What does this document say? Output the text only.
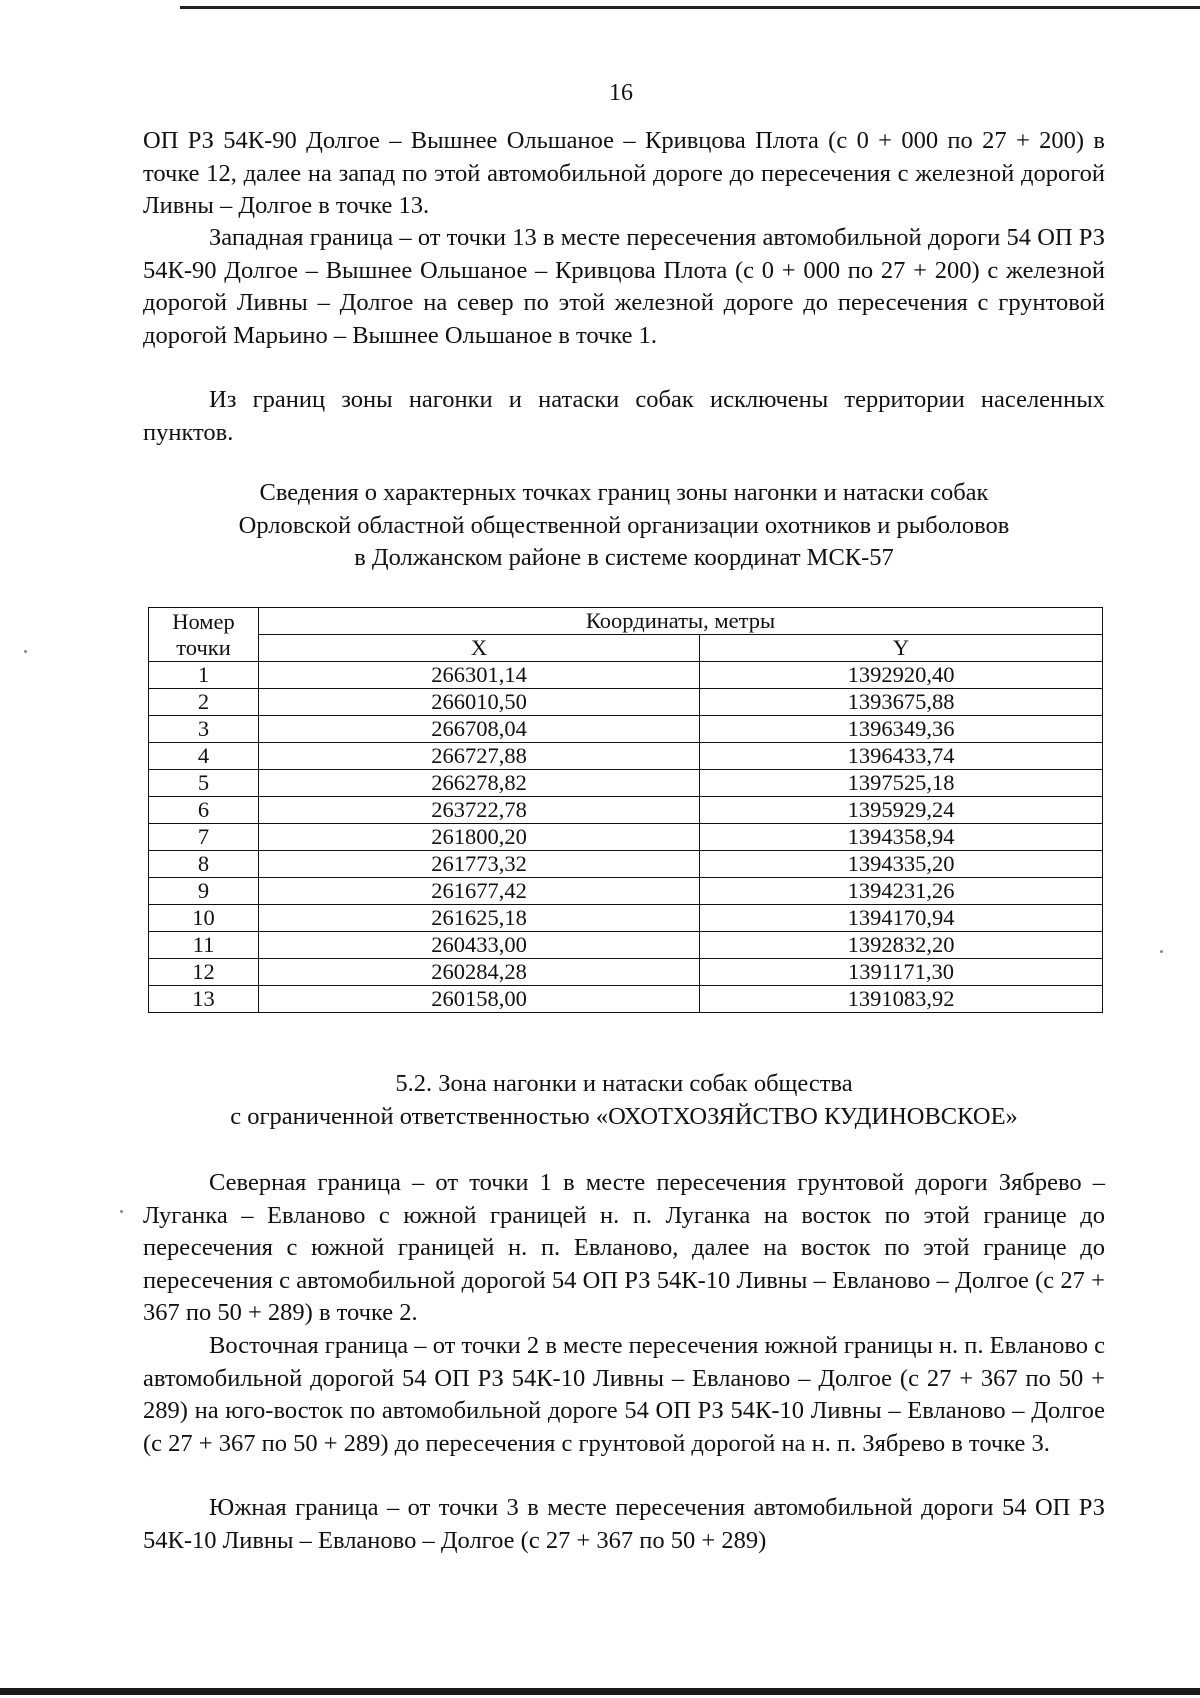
16

ОП РЗ 54К-90 Долгое – Вышнее Ольшаное – Кривцова Плота (с 0 + 000 по 27 + 200) в точке 12, далее на запад по этой автомобильной дороге до пересечения с железной дорогой Ливны – Долгое в точке 13.

Западная граница – от точки 13 в месте пересечения автомобильной дороги 54 ОП РЗ 54К-90 Долгое – Вышнее Ольшаное – Кривцова Плота (с 0 + 000 по 27 + 200) с железной дорогой Ливны – Долгое на север по этой железной дороге до пересечения с грунтовой дорогой Марьино – Вышнее Ольшаное в точке 1.

Из границ зоны нагонки и натаски собак исключены территории населенных пунктов.

Сведения о характерных точках границ зоны нагонки и натаски собак
Орловской областной общественной организации охотников и рыболовов
в Должанском районе в системе координат МСК-57
Номер
точки	Координаты, метры	
	X	Y
1	266301,14	1392920,40
2	266010,50	1393675,88
3	266708,04	1396349,36
4	266727,88	1396433,74
5	266278,82	1397525,18
6	263722,78	1395929,24
7	261800,20	1394358,94
8	261773,32	1394335,20
9	261677,42	1394231,26
10	261625,18	1394170,94
11	260433,00	1392832,20
12	260284,28	1391171,30
13	260158,00	1391083,92
5.2. Зона нагонки и натаски собак общества
с ограниченной ответственностью «ОХОТХОЗЯЙСТВО КУДИНОВСКОЕ»

Северная граница – от точки 1 в месте пересечения грунтовой дороги Зябрево – Луганка – Евланово с южной границей н. п. Луганка на восток по этой границе до пересечения с южной границей н. п. Евланово, далее на восток по этой границе до пересечения с автомобильной дорогой 54 ОП РЗ 54К-10 Ливны – Евланово – Долгое (с 27 + 367 по 50 + 289) в точке 2.

Восточная граница – от точки 2 в месте пересечения южной границы н. п. Евланово с автомобильной дорогой 54 ОП РЗ 54К-10 Ливны – Евланово – Долгое (с 27 + 367 по 50 + 289) на юго-восток по автомобильной дороге 54 ОП РЗ 54К-10 Ливны – Евланово – Долгое (с 27 + 367 по 50 + 289) до пересечения с грунтовой дорогой на н. п. Зябрево в точке 3.

Южная граница – от точки 3 в месте пересечения автомобильной дороги 54 ОП РЗ 54К-10 Ливны – Евланово – Долгое (с 27 + 367 по 50 + 289)
